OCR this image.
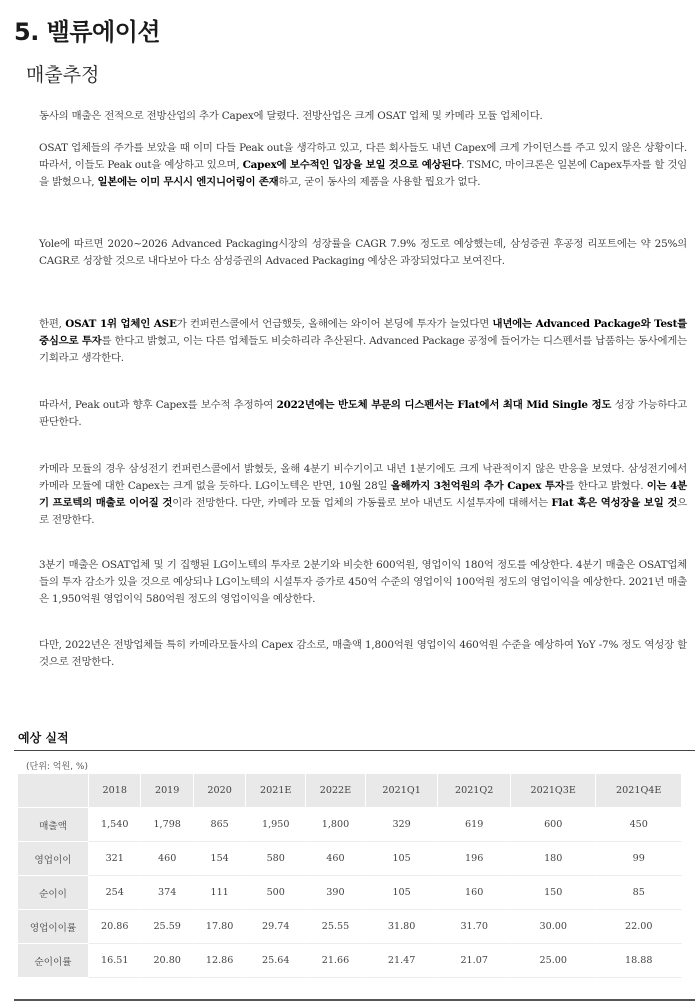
5. 밸류에이션
매출추정
동사의 매출은 전적으로 전방산업의 추가 Capex에 달렸다. 전방산업은 크게 OSAT 업체 및 카메라 모듈 업체이다.
OSAT 업체들의 주가를 보았을 때 이미 다들 Peak out을 생각하고 있고, 다른 회사들도 내년 Capex에 크게 가이던스를 주고 있지 않은 상황이다. 따라서, 이들도 Peak out을 예상하고 있으며, Capex에 보수적인 입장을 보일 것으로 예상된다. TSMC, 마이크론은 일본에 Capex투자를 할 것임을 밝혔으나, 일본에는 이미 무시시 엔지니어링이 존재하고, 굳이 동사의 제품을 사용할 뭡요가 없다.
Yole에 따르면 2020~2026 Advanced Packaging시장의 성장률을 CAGR 7.9% 정도로 예상했는데, 삼성증권 후공정 리포트에는 약 25%의 CAGR로 성장할 것으로 내다보아 다소 삼성증권의 Advaced Packaging 예상은 과장되었다고 보여진다.
한편, OSAT 1위 업체인 ASE가 컨퍼런스콜에서 언급했듯, 올해에는 와이어 본딩에 투자가 늘었다면 내년에는 Advanced Package와 Test를 중심으로 투자를 한다고 밝혔고, 이는 다른 업체들도 비슷하리라 추산된다. Advanced Package 공정에 들어가는 디스펜서를 납품하는 동사에게는 기회라고 생각한다.
따라서, Peak out과 향후 Capex를 보수적 추정하여 2022년에는 반도체 부문의 디스펜서는 Flat에서 최대 Mid Single 정도 성장 가능하다고 판단한다.
카메라 모듈의 경우 삼성전기 컨퍼런스콜에서 밝혔듯, 올해 4분기 비수기이고 내년 1분기에도 크게 낙관적이지 않은 반응을 보였다. 삼성전기에서 카메라 모듈에 대한 Capex는 크게 없을 듯하다. LG이노텍은 반면, 10월 28일 올해까지 3천억원의 추가 Capex 투자를 한다고 밝혔다. 이는 4분기 프로텍의 매출로 이어질 것이라 전망한다. 다만, 카메라 모듈 업체의 가동률로 보아 내년도 시설투자에 대해서는 Flat 혹은 역성장을 보일 것으로 전망한다.
3분기 매출은 OSAT업체 및 기 집행된 LG이노텍의 투자로 2분기와 비슷한 600억원, 영업이익 180억 정도를 예상한다. 4분기 매출은 OSAT업체들의 투자 감소가 있을 것으로 예상되나 LG이노텍의 시설투자 증가로 450억 수준의 영업이익 100억원 정도의 영업이익을 예상한다. 2021년 매출은 1,950억원 영업이익 580억원 정도의 영업이익을 예상한다.
다만, 2022년은 전방업체들 특히 카메라모듈사의 Capex 감소로, 매출액 1,800억원 영업이익 460억원 수준을 예상하여 YoY -7% 정도 역성장 할 것으로 전망한다.
예상 실적
(단위: 억원, %)
	2018	2019	2020	2021E	2022E	2021Q1	2021Q2	2021Q3E	2021Q4E
매출액	1,540	1,798	865	1,950	1,800	329	619	600	450
영업이이	321	460	154	580	460	105	196	180	99
순이이	254	374	111	500	390	105	160	150	85
영업이이률	20.86	25.59	17.80	29.74	25.55	31.80	31.70	30.00	22.00
순이이률	16.51	20.80	12.86	25.64	21.66	21.47	21.07	25.00	18.88
